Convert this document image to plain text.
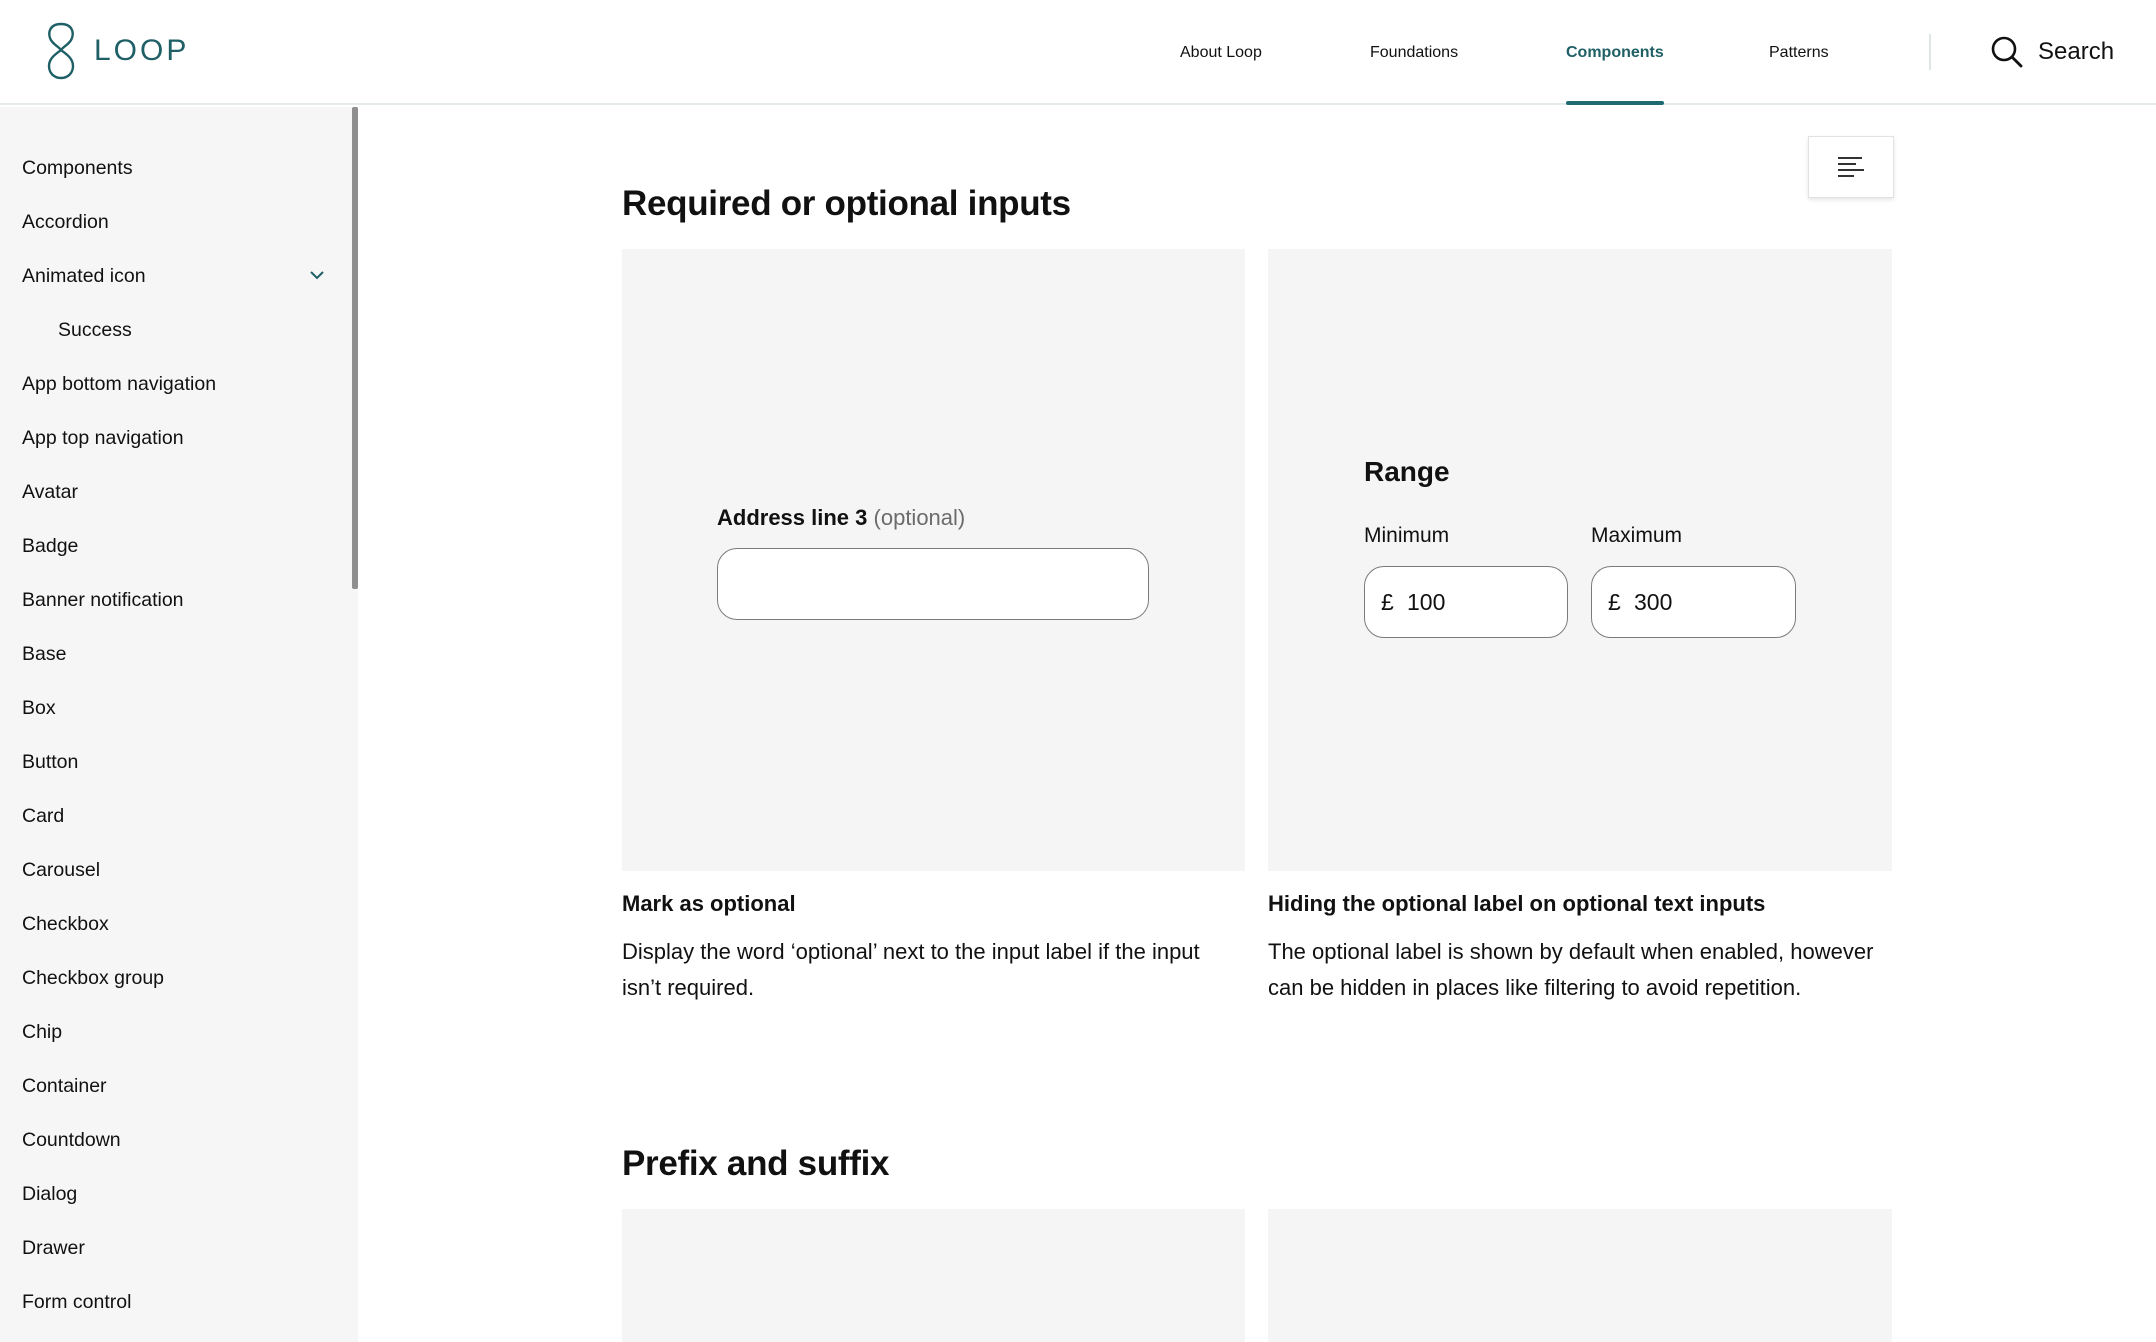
LOOP	About Loop	Foundations	Components	Patterns	Search
Components
Accordion
Animated icon
Success
App bottom navigation
App top navigation
Avatar
Badge
Banner notification
Base
Box
Button
Card
Carousel
Checkbox
Checkbox group
Chip
Container
Countdown
Dialog
Drawer
Form control
Required or optional inputs
Address line 3 (optional)
Range
Minimum	Maximum
£ 100	£ 300
Mark as optional
Display the word ‘optional’ next to the input label if the input isn’t required.
Hiding the optional label on optional text inputs
The optional label is shown by default when enabled, however can be hidden in places like filtering to avoid repetition.
Prefix and suffix
